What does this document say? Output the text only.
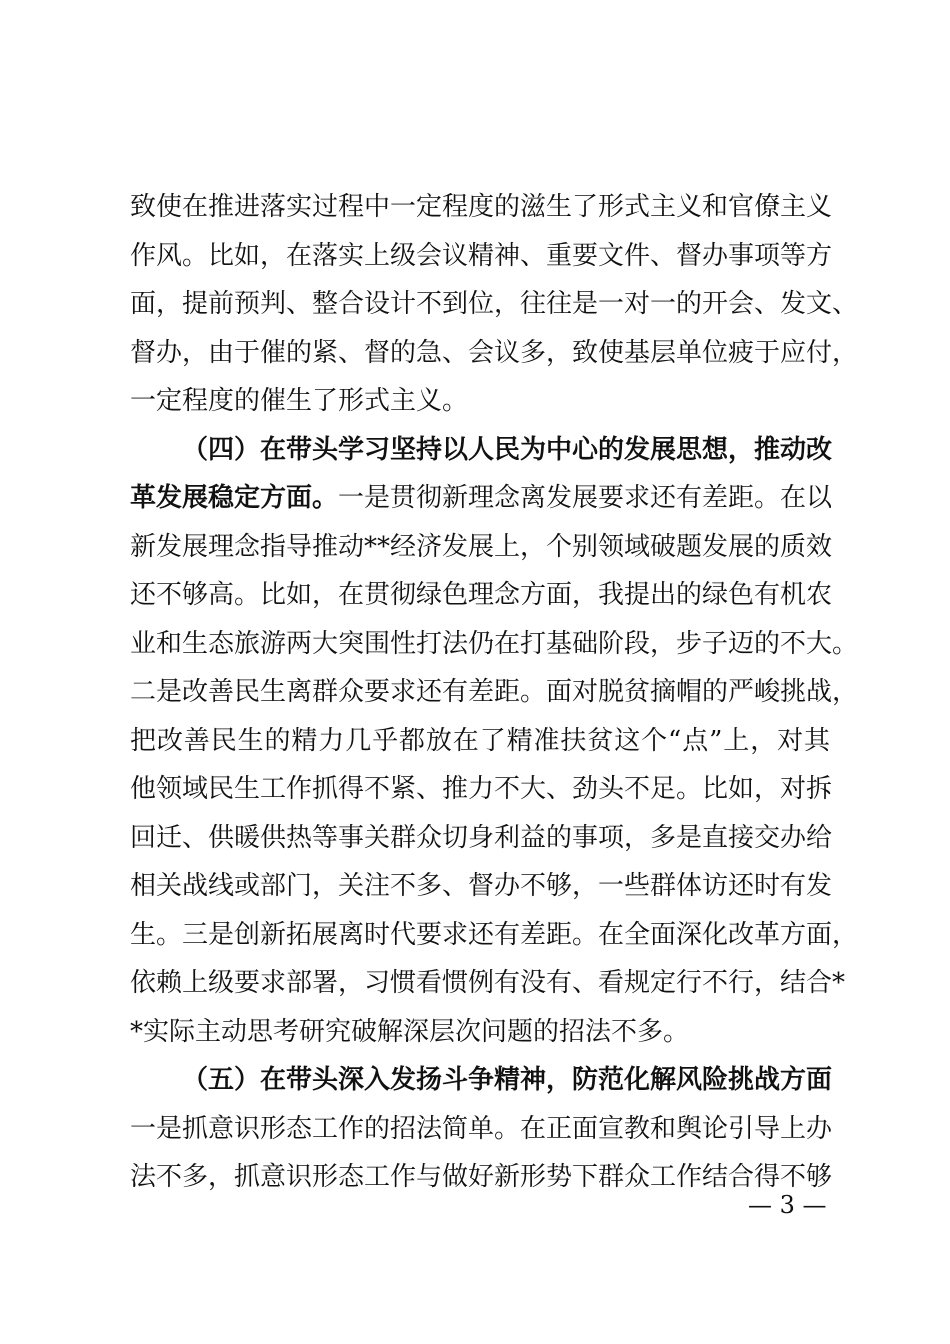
致使在推进落实过程中一定程度的滋生了形式主义和官僚主义
作风。比如，在落实上级会议精神、重要文件、督办事项等方
面，提前预判、整合设计不到位，往往是一对一的开会、发文、
督办，由于催的紧、督的急、会议多，致使基层单位疲于应付，
一定程度的催生了形式主义。
（四）在带头学习坚持以人民为中心的发展思想，推动改
革发展稳定方面。一是贯彻新理念离发展要求还有差距。在以
新发展理念指导推动**经济发展上，个别领域破题发展的质效
还不够高。比如，在贯彻绿色理念方面，我提出的绿色有机农
业和生态旅游两大突围性打法仍在打基础阶段，步子迈的不大。
二是改善民生离群众要求还有差距。面对脱贫摘帽的严峻挑战，
把改善民生的精力几乎都放在了精准扶贫这个“点”上，对其
他领域民生工作抓得不紧、推力不大、劲头不足。比如，对拆
回迁、供暖供热等事关群众切身利益的事项，多是直接交办给
相关战线或部门，关注不多、督办不够，一些群体访还时有发
生。三是创新拓展离时代要求还有差距。在全面深化改革方面，
依赖上级要求部署，习惯看惯例有没有、看规定行不行，结合*
*实际主动思考研究破解深层次问题的招法不多。
（五）在带头深入发扬斗争精神，防范化解风险挑战方面
一是抓意识形态工作的招法简单。在正面宣教和舆论引导上办
法不多，抓意识形态工作与做好新形势下群众工作结合得不够
— 3 —
